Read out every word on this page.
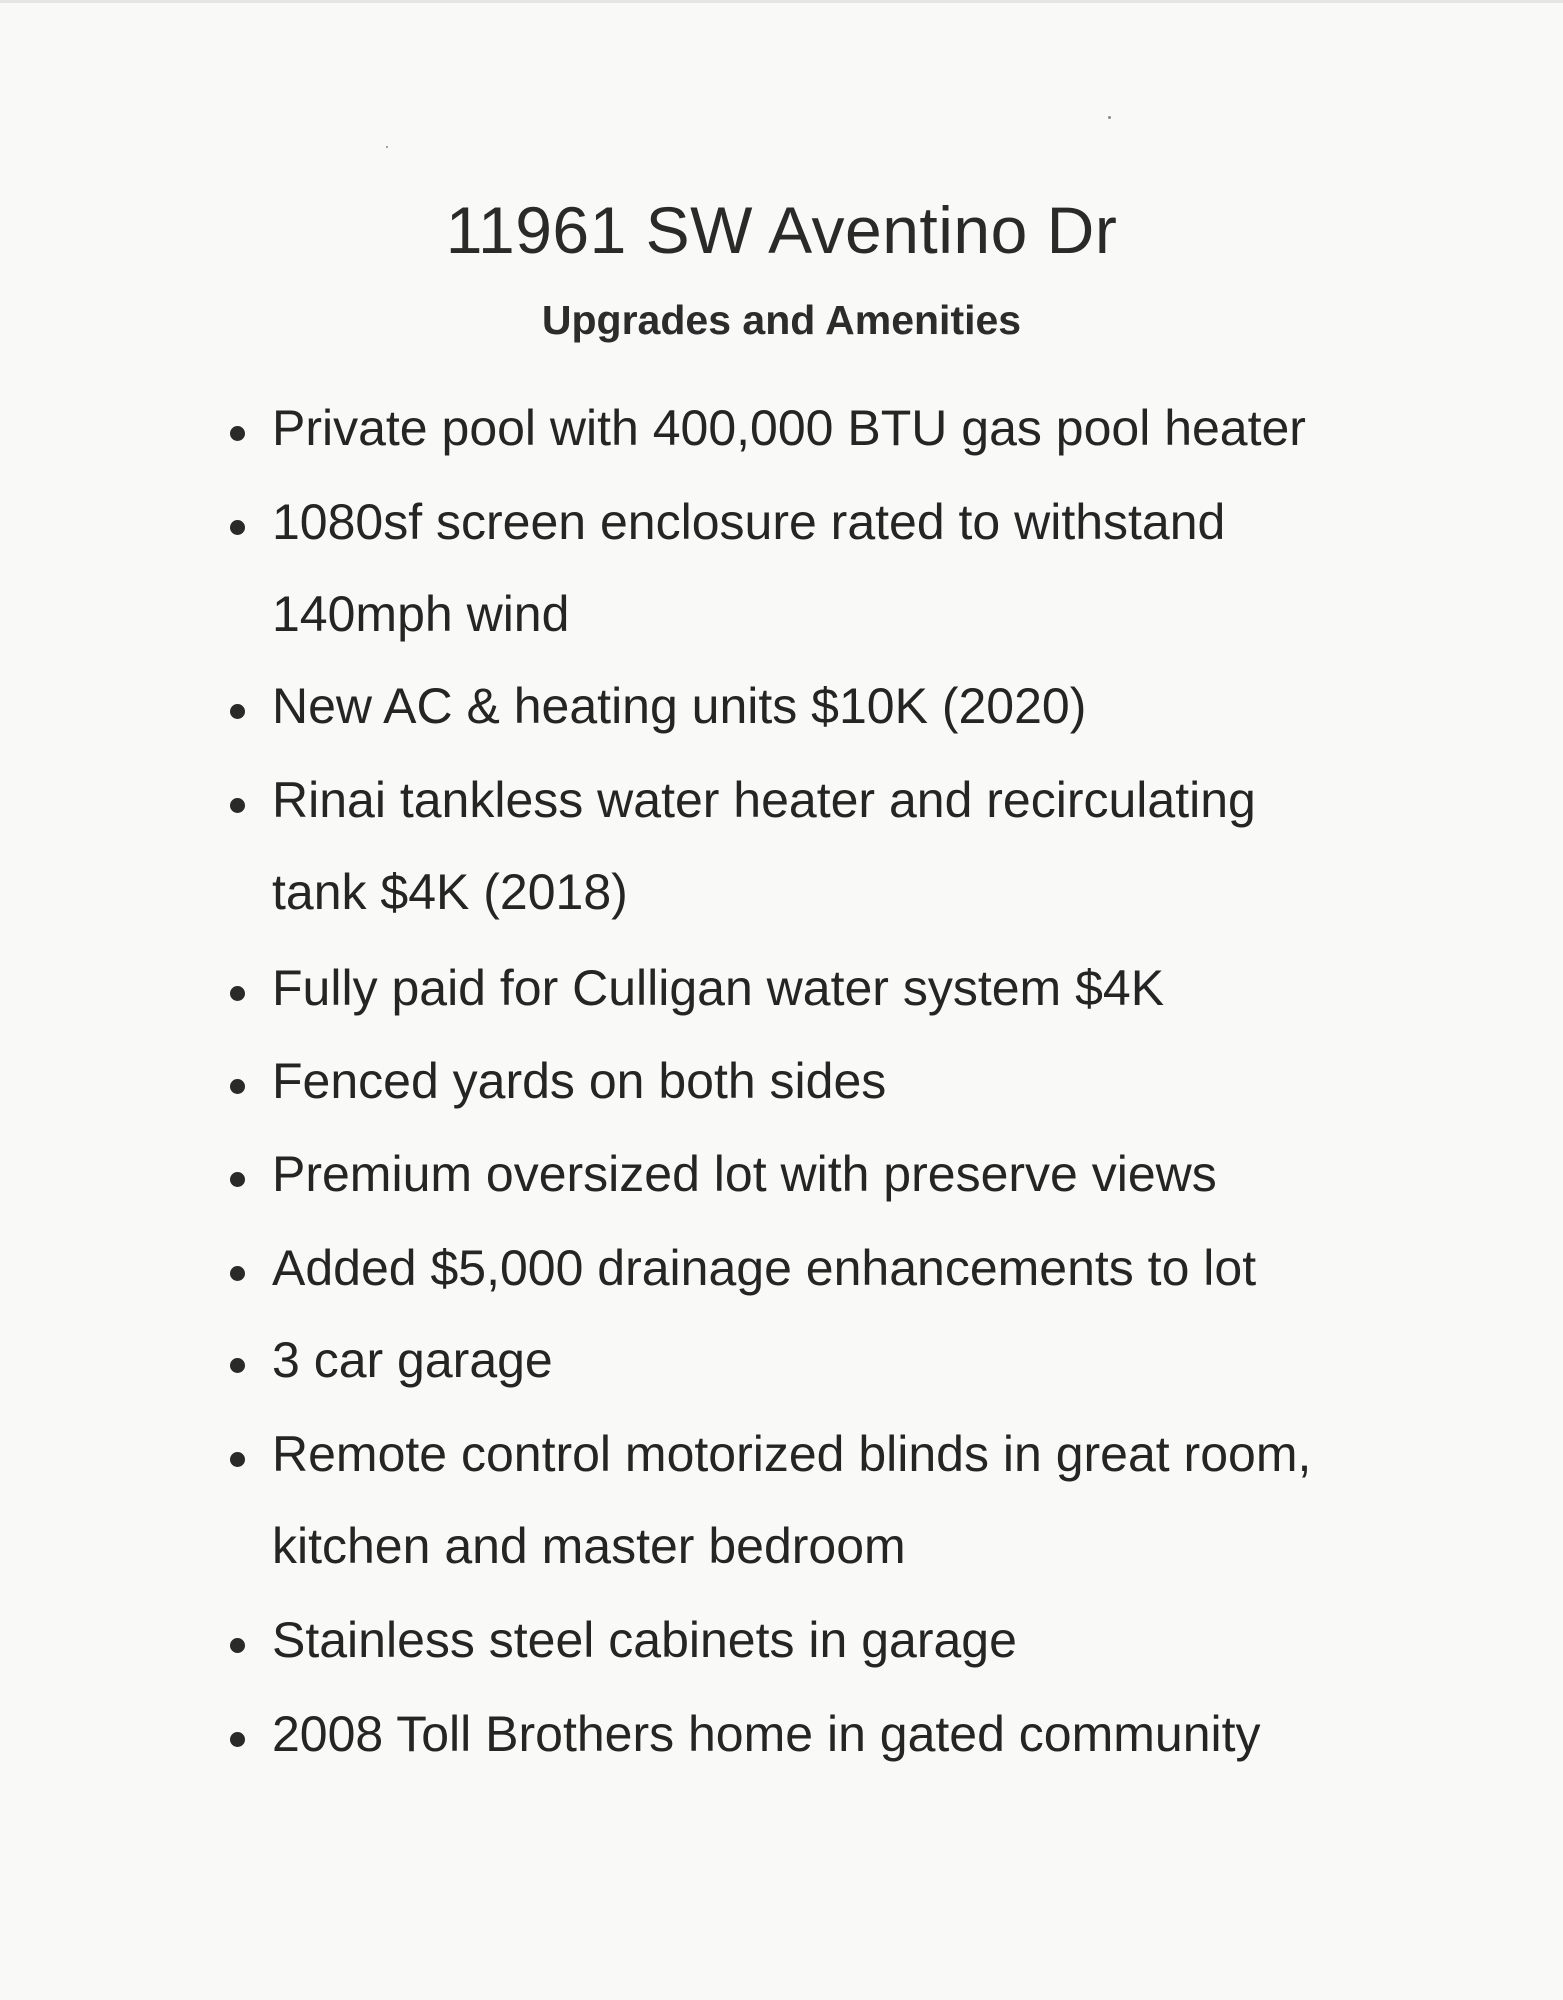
11961 SW Aventino Dr
Upgrades and Amenities
Private pool with 400,000 BTU gas pool heater
1080sf screen enclosure rated to withstand
140mph wind
New AC & heating units $10K (2020)
Rinai tankless water heater and recirculating
tank $4K (2018)
Fully paid for Culligan water system $4K
Fenced yards on both sides
Premium oversized lot with preserve views
Added $5,000 drainage enhancements to lot
3 car garage
Remote control motorized blinds in great room,
kitchen and master bedroom
Stainless steel cabinets in garage
2008 Toll Brothers home in gated community
